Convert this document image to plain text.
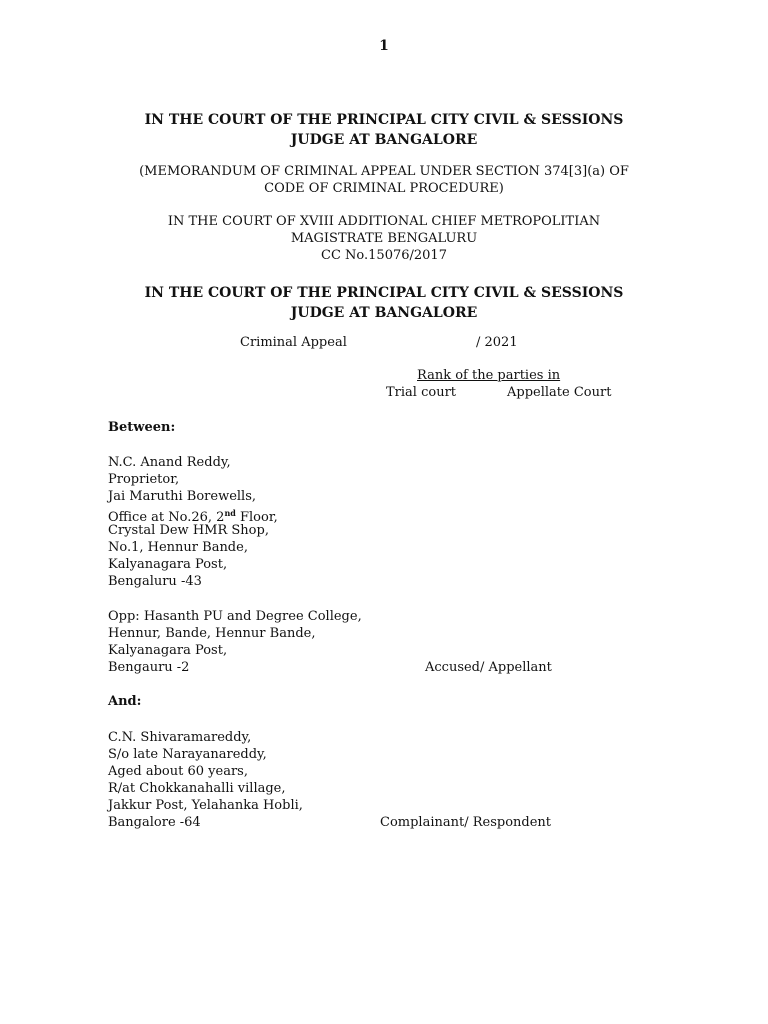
1
IN THE COURT OF THE PRINCIPAL CITY CIVIL & SESSIONS
JUDGE AT BANGALORE
(MEMORANDUM OF CRIMINAL APPEAL UNDER SECTION 374[3](a) OF
CODE OF CRIMINAL PROCEDURE)
IN THE COURT OF XVIII ADDITIONAL CHIEF METROPOLITIAN
MAGISTRATE BENGALURU
CC No.15076/2017
IN THE COURT OF THE PRINCIPAL CITY CIVIL & SESSIONS
JUDGE AT BANGALORE
Criminal Appeal	/ 2021
Rank of the parties in
Trial court	Appellate Court
Between:
N.C. Anand Reddy,
Proprietor,
Jai Maruthi Borewells,
Office at No.26, 2nd Floor,
Crystal Dew HMR Shop,
No.1, Hennur Bande,
Kalyanagara Post,
Bengaluru -43
Opp: Hasanth PU and Degree College,
Hennur, Bande, Hennur Bande,
Kalyanagara Post,
Bengauru -2	Accused/ Appellant
And:
C.N. Shivaramareddy,
S/o late Narayanareddy,
Aged about 60 years,
R/at Chokkanahalli village,
Jakkur Post, Yelahanka Hobli,
Bangalore -64	Complainant/ Respondent
